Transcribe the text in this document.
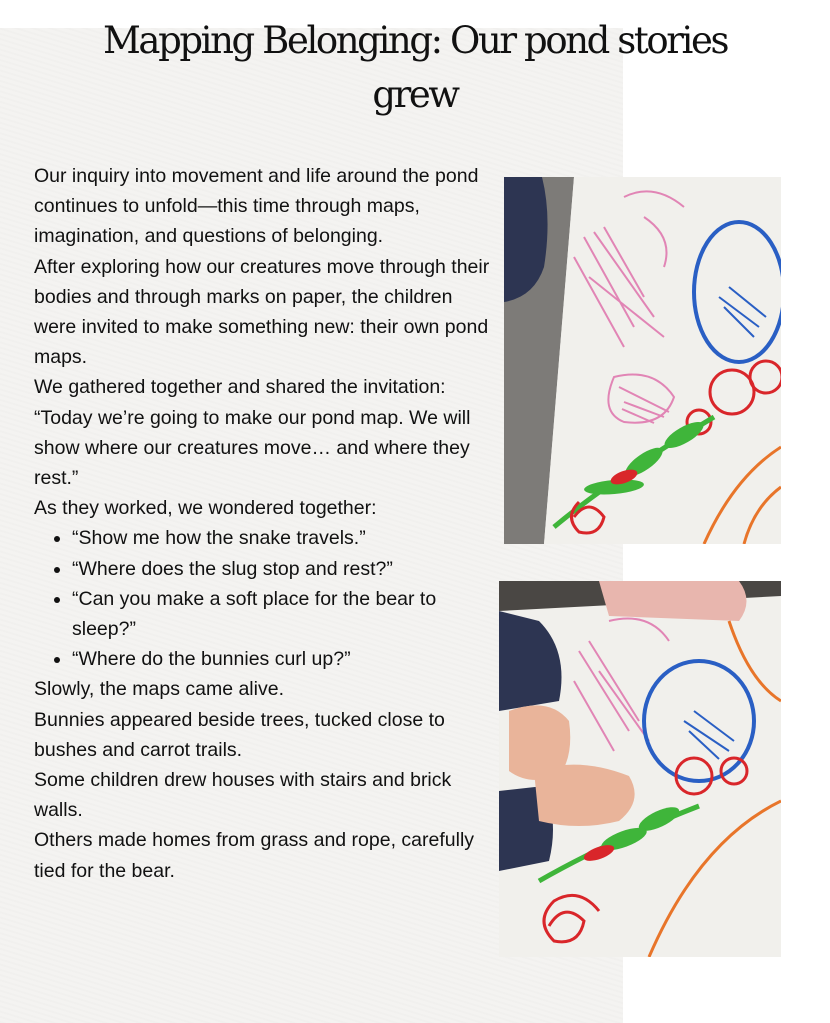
Mapping Belonging: Our pond stories grew

Our inquiry into movement and life around the pond continues to unfold—this time through maps, imagination, and questions of belonging.

After exploring how our creatures move through their bodies and through marks on paper, the children were invited to make something new: their own pond maps.

We gathered together and shared the invitation:

“Today we’re going to make our pond map. We will show where our creatures move… and where they rest.”

As they worked, we wondered together:

• “Show me how the snake travels.”
• “Where does the slug stop and rest?”
• “Can you make a soft place for the bear to sleep?”
• “Where do the bunnies curl up?”

Slowly, the maps came alive.

Bunnies appeared beside trees, tucked close to bushes and carrot trails.

Some children drew houses with stairs and brick walls.

Others made homes from grass and rope, carefully tied for the bear.
